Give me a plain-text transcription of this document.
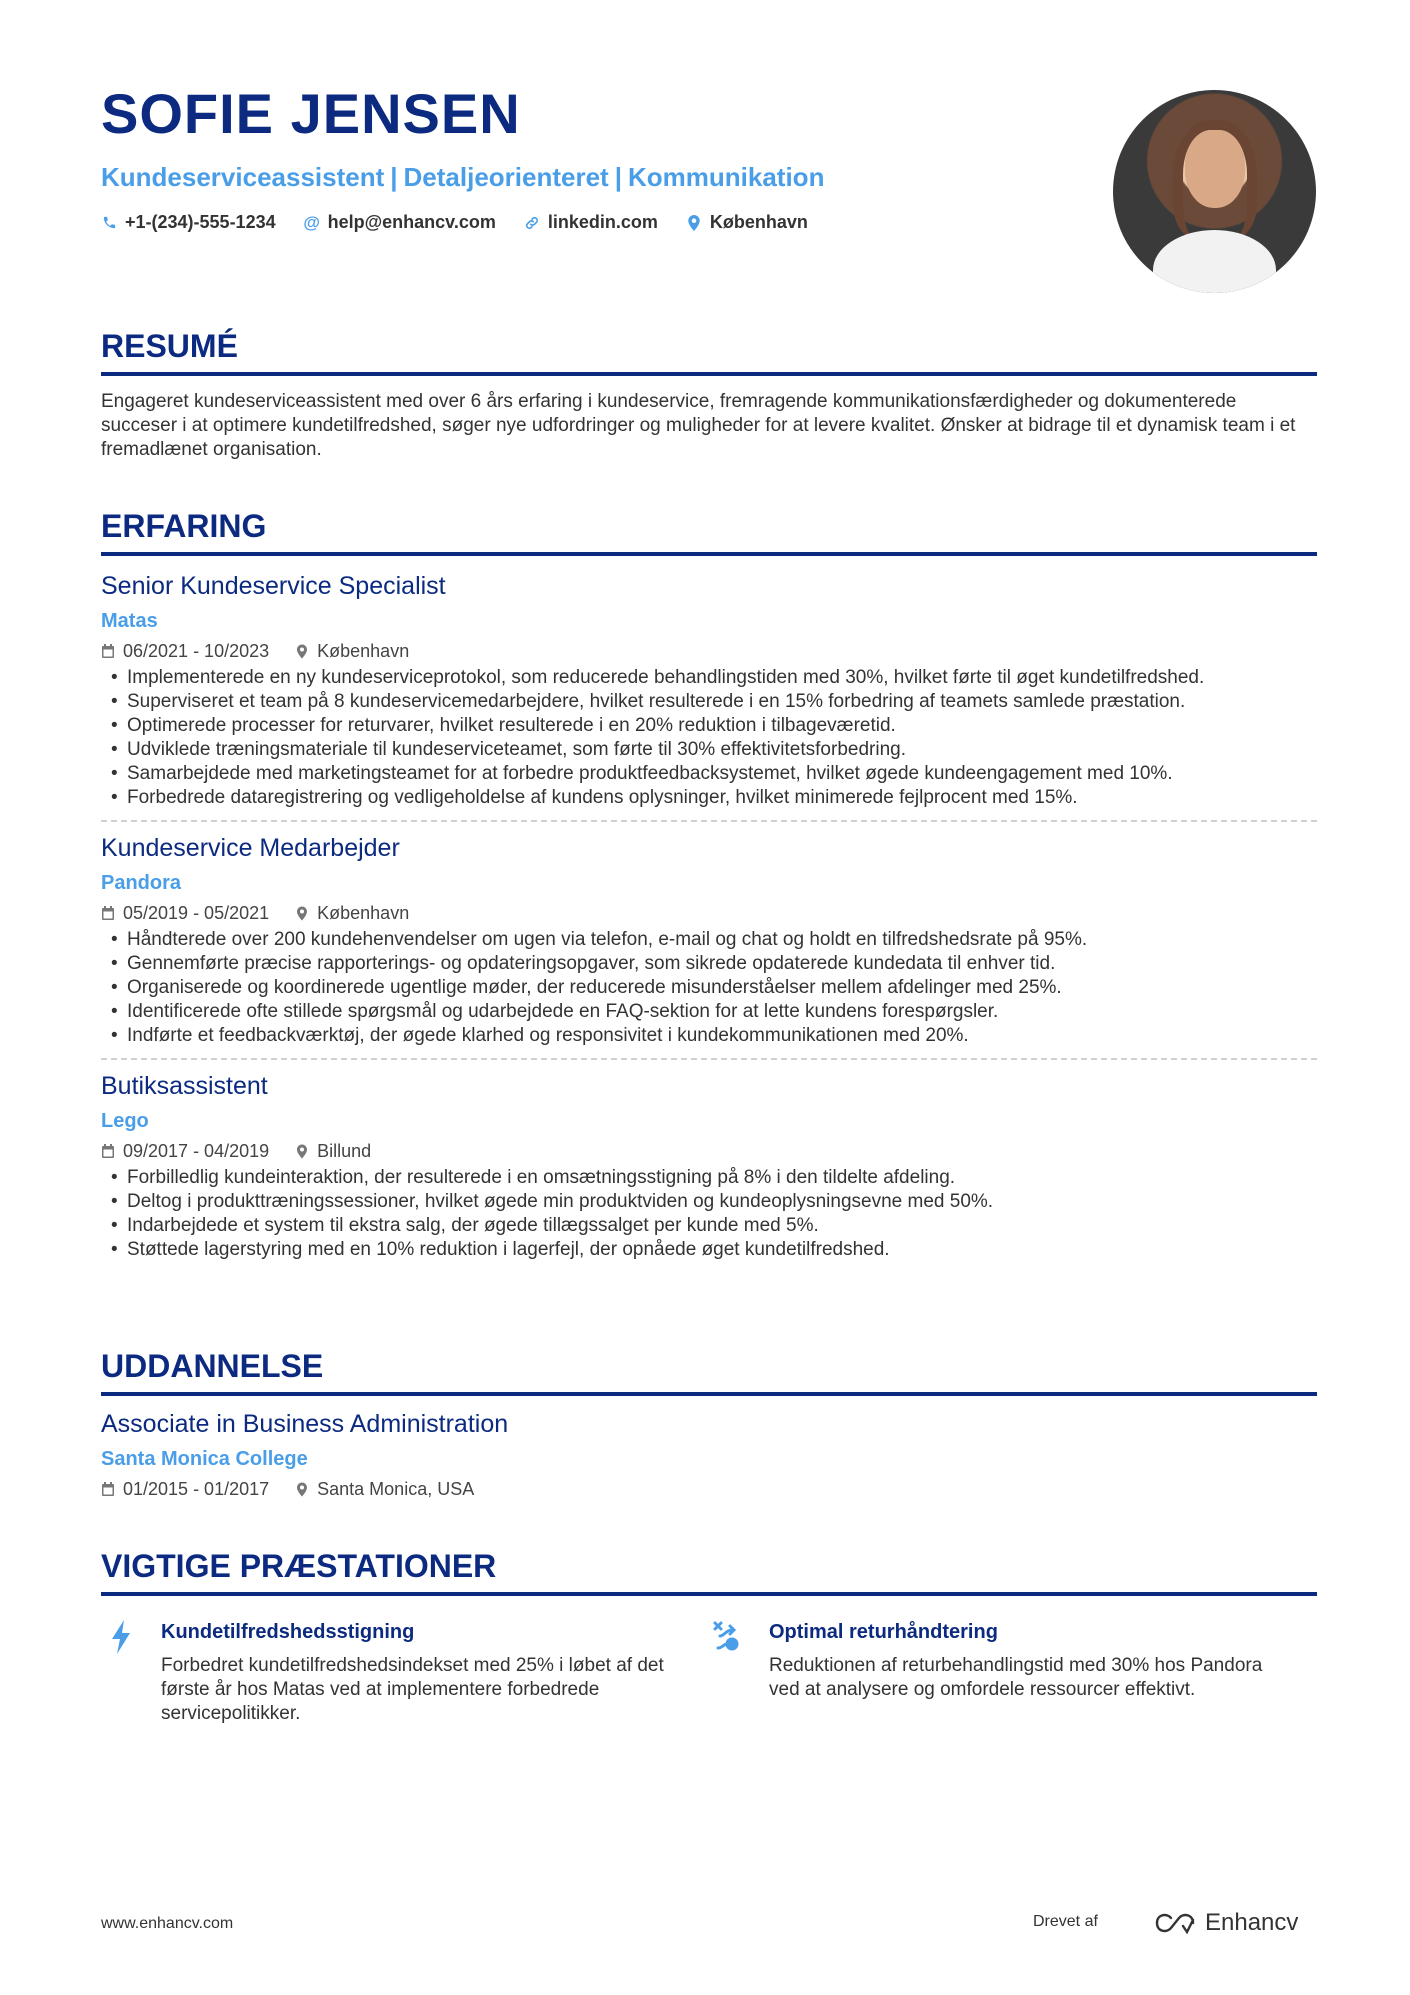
SOFIE JENSEN
Kundeserviceassistent | Detaljeorienteret | Kommunikation
+1-(234)-555-1234 @ help@enhancv.com	linkedin.com	København
RESUMÉ
Engageret kundeserviceassistent med over 6 års erfaring i kundeservice, fremragende kommunikationsfærdigheder og dokumenterede succeser i at optimere kundetilfredshed, søger nye udfordringer og muligheder for at levere kvalitet. Ønsker at bidrage til et dynamisk team i et fremadlænet organisation.
ERFARING
Senior Kundeservice Specialist
Matas
06/2021 - 10/2023	København
• Implementerede en ny kundeserviceprotokol, som reducerede behandlingstiden med 30%, hvilket førte til øget kundetilfredshed.
• Superviseret et team på 8 kundeservicemedarbejdere, hvilket resulterede i en 15% forbedring af teamets samlede præstation.
• Optimerede processer for returvarer, hvilket resulterede i en 20% reduktion i tilbageværetid.
• Udviklede træningsmateriale til kundeserviceteamet, som førte til 30% effektivitetsforbedring.
• Samarbejdede med marketingsteamet for at forbedre produktfeedbacksystemet, hvilket øgede kundeengagement med 10%.
• Forbedrede dataregistrering og vedligeholdelse af kundens oplysninger, hvilket minimerede fejlprocent med 15%.
Kundeservice Medarbejder
Pandora
05/2019 - 05/2021	København
• Håndterede over 200 kundehenvendelser om ugen via telefon, e-mail og chat og holdt en tilfredshedsrate på 95%.
• Gennemførte præcise rapporterings- og opdateringsopgaver, som sikrede opdaterede kundedata til enhver tid.
• Organiserede og koordinerede ugentlige møder, der reducerede misunderståelser mellem afdelinger med 25%.
• Identificerede ofte stillede spørgsmål og udarbejdede en FAQ-sektion for at lette kundens forespørgsler.
• Indførte et feedbackværktøj, der øgede klarhed og responsivitet i kundekommunikationen med 20%.
Butiksassistent
Lego
09/2017 - 04/2019	Billund
• Forbilledlig kundeinteraktion, der resulterede i en omsætningsstigning på 8% i den tildelte afdeling.
• Deltog i produkttræningssessioner, hvilket øgede min produktviden og kundeoplysningsevne med 50%.
• Indarbejdede et system til ekstra salg, der øgede tillægssalget per kunde med 5%.
• Støttede lagerstyring med en 10% reduktion i lagerfejl, der opnåede øget kundetilfredshed.
UDDANNELSE
Associate in Business Administration
Santa Monica College
01/2015 - 01/2017	Santa Monica, USA
VIGTIGE PRÆSTATIONER
Kundetilfredshedsstigning
Forbedret kundetilfredshedsindekset med 25% i løbet af det første år hos Matas ved at implementere forbedrede servicepolitikker.
Optimal returhåndtering
Reduktionen af returbehandlingstid med 30% hos Pandora ved at analysere og omfordele ressourcer effektivt.
www.enhancv.com	Drevet af	Enhancv
